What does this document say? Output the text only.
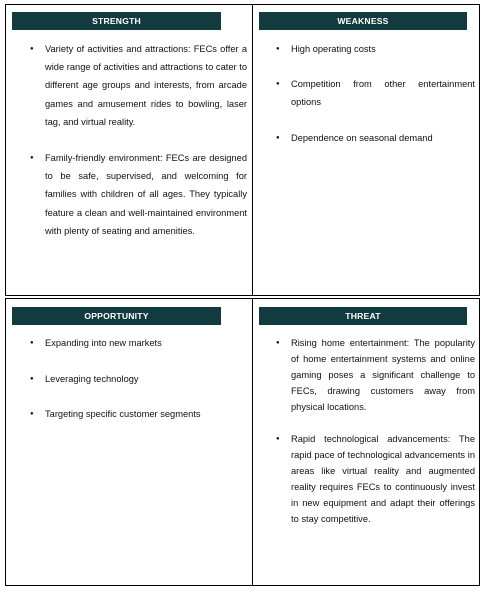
STRENGTH
● Variety of activities and attractions: FECs offer a wide range of activities and attractions to cater to different age groups and interests, from arcade games and amusement rides to bowling, laser tag, and virtual reality.
● Family-friendly environment: FECs are designed to be safe, supervised, and welcoming for families with children of all ages. They typically feature a clean and well-maintained environment with plenty of seating and amenities.
WEAKNESS
● High operating costs
● Competition from other entertainment options
● Dependence on seasonal demand
OPPORTUNITY
● Expanding into new markets
● Leveraging technology
● Targeting specific customer segments
THREAT
● Rising home entertainment: The popularity of home entertainment systems and online gaming poses a significant challenge to FECs, drawing customers away from physical locations.
● Rapid technological advancements: The rapid pace of technological advancements in areas like virtual reality and augmented reality requires FECs to continuously invest in new equipment and adapt their offerings to stay competitive.
